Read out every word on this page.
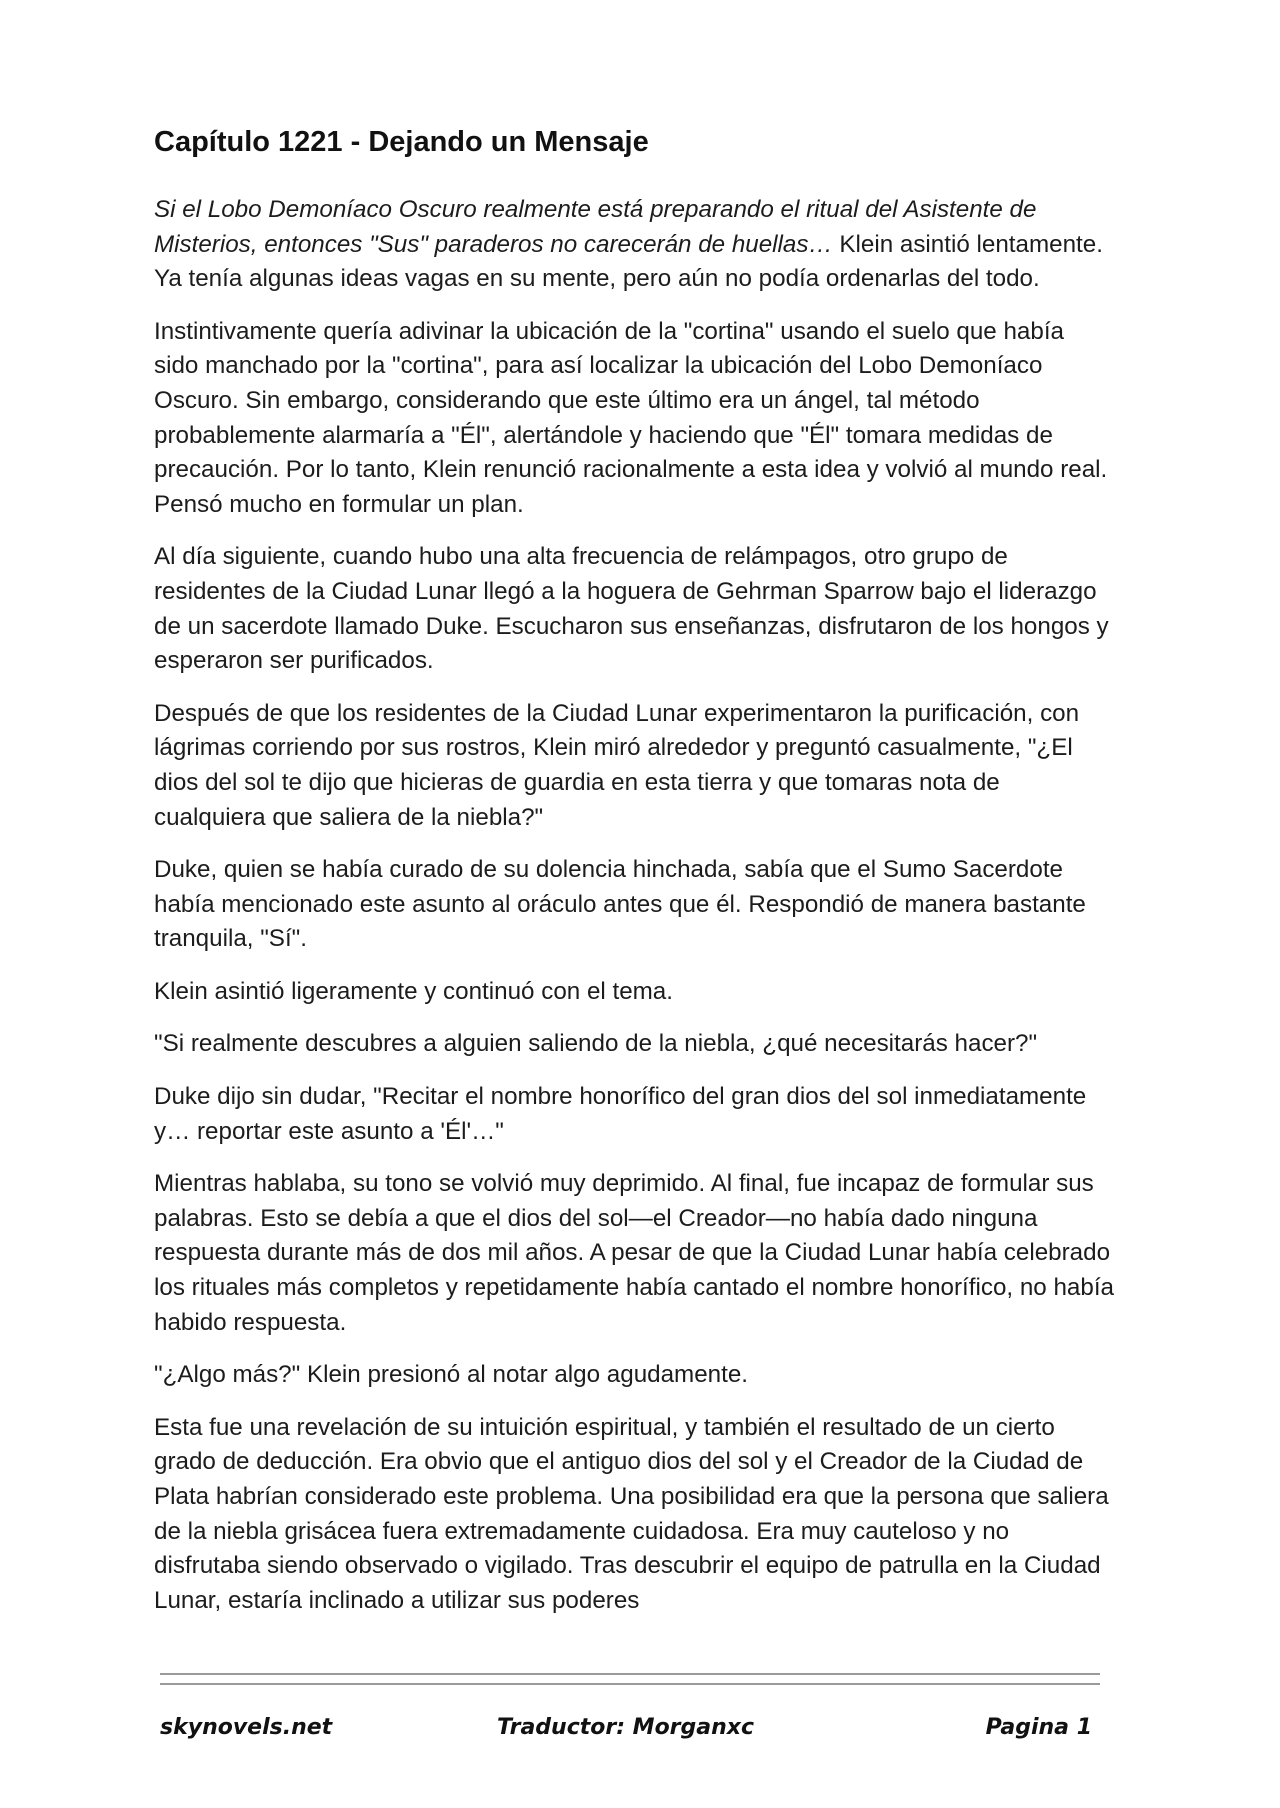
Capítulo 1221 - Dejando un Mensaje

Si el Lobo Demoníaco Oscuro realmente está preparando el ritual del Asistente de Misterios, entonces "Sus" paraderos no carecerán de huellas… Klein asintió lentamente. Ya tenía algunas ideas vagas en su mente, pero aún no podía ordenarlas del todo.

Instintivamente quería adivinar la ubicación de la "cortina" usando el suelo que había sido manchado por la "cortina", para así localizar la ubicación del Lobo Demoníaco Oscuro. Sin embargo, considerando que este último era un ángel, tal método probablemente alarmaría a "Él", alertándole y haciendo que "Él" tomara medidas de precaución. Por lo tanto, Klein renunció racionalmente a esta idea y volvió al mundo real. Pensó mucho en formular un plan.

Al día siguiente, cuando hubo una alta frecuencia de relámpagos, otro grupo de residentes de la Ciudad Lunar llegó a la hoguera de Gehrman Sparrow bajo el liderazgo de un sacerdote llamado Duke. Escucharon sus enseñanzas, disfrutaron de los hongos y esperaron ser purificados.

Después de que los residentes de la Ciudad Lunar experimentaron la purificación, con lágrimas corriendo por sus rostros, Klein miró alrededor y preguntó casualmente, "¿El dios del sol te dijo que hicieras de guardia en esta tierra y que tomaras nota de cualquiera que saliera de la niebla?"

Duke, quien se había curado de su dolencia hinchada, sabía que el Sumo Sacerdote había mencionado este asunto al oráculo antes que él. Respondió de manera bastante tranquila, "Sí".

Klein asintió ligeramente y continuó con el tema.

"Si realmente descubres a alguien saliendo de la niebla, ¿qué necesitarás hacer?"

Duke dijo sin dudar, "Recitar el nombre honorífico del gran dios del sol inmediatamente y… reportar este asunto a 'Él'…"

Mientras hablaba, su tono se volvió muy deprimido. Al final, fue incapaz de formular sus palabras. Esto se debía a que el dios del sol—el Creador—no había dado ninguna respuesta durante más de dos mil años. A pesar de que la Ciudad Lunar había celebrado los rituales más completos y repetidamente había cantado el nombre honorífico, no había habido respuesta.

"¿Algo más?" Klein presionó al notar algo agudamente.

Esta fue una revelación de su intuición espiritual, y también el resultado de un cierto grado de deducción. Era obvio que el antiguo dios del sol y el Creador de la Ciudad de Plata habrían considerado este problema. Una posibilidad era que la persona que saliera de la niebla grisácea fuera extremadamente cuidadosa. Era muy cauteloso y no disfrutaba siendo observado o vigilado. Tras descubrir el equipo de patrulla en la Ciudad Lunar, estaría inclinado a utilizar sus poderes

skynovels.net	Traductor: Morganxc	Pagina 1
